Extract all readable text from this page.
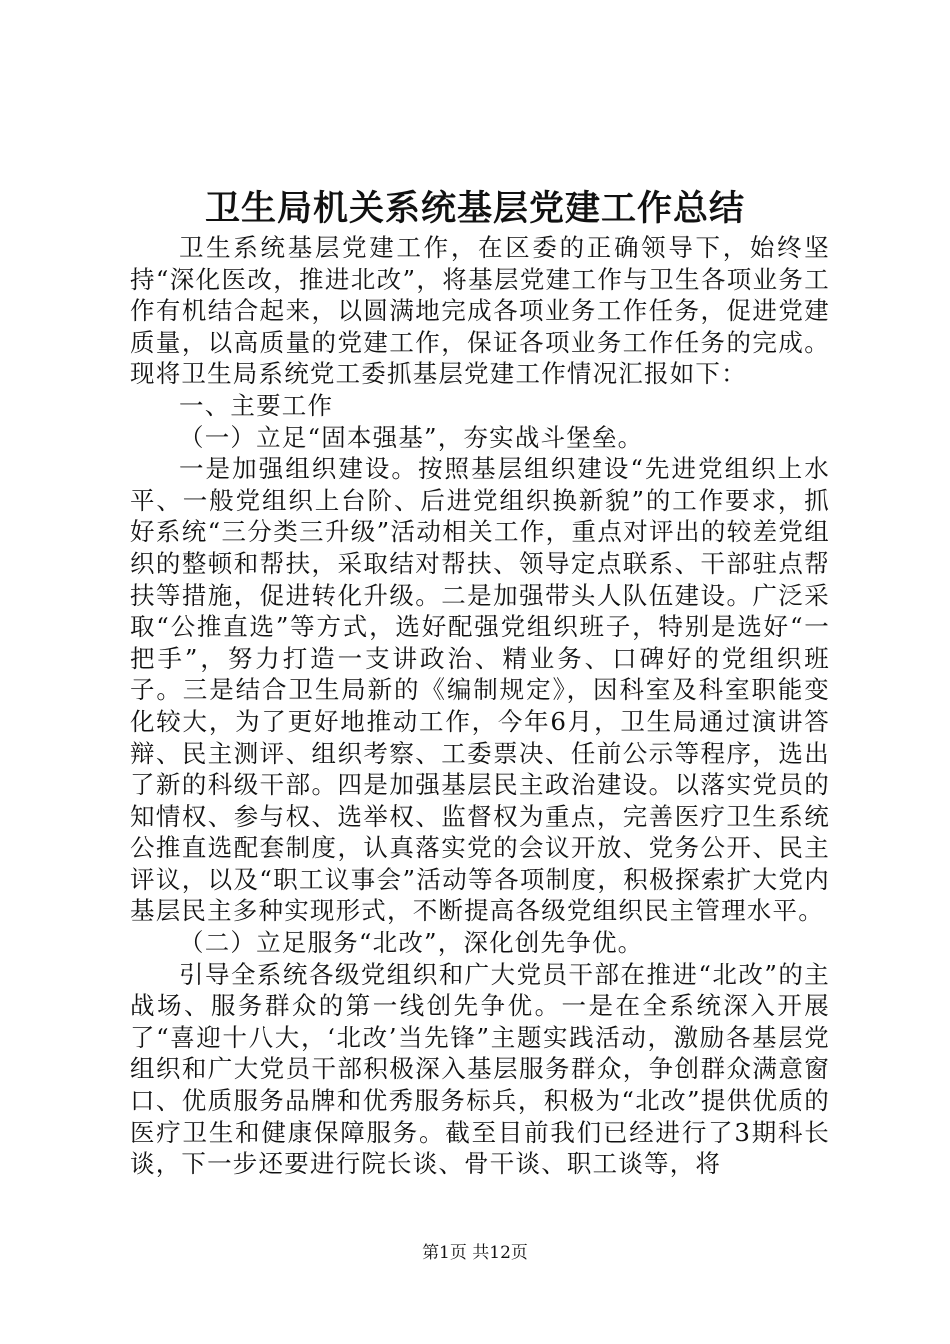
卫生局机关系统基层党建工作总结

卫生系统基层党建工作，在区委的正确领导下，始终坚持“深化医改，推进北改”，将基层党建工作与卫生各项业务工作有机结合起来，以圆满地完成各项业务工作任务，促进党建质量，以高质量的党建工作，保证各项业务工作任务的完成。现将卫生局系统党工委抓基层党建工作情况汇报如下：

一、主要工作

（一）立足“固本强基”，夯实战斗堡垒。

一是加强组织建设。按照基层组织建设“先进党组织上水平、一般党组织上台阶、后进党组织换新貌”的工作要求，抓好系统“三分类三升级”活动相关工作，重点对评出的较差党组织的整顿和帮扶，采取结对帮扶、领导定点联系、干部驻点帮扶等措施，促进转化升级。二是加强带头人队伍建设。广泛采取“公推直选”等方式，选好配强党组织班子，特别是选好“一把手”，努力打造一支讲政治、精业务、口碑好的党组织班子。三是结合卫生局新的《编制规定》，因科室及科室职能变化较大，为了更好地推动工作，今年6月，卫生局通过演讲答辩、民主测评、组织考察、工委票决、任前公示等程序，选出了新的科级干部。四是加强基层民主政治建设。以落实党员的知情权、参与权、选举权、监督权为重点，完善医疗卫生系统公推直选配套制度，认真落实党的会议开放、党务公开、民主评议，以及“职工议事会”活动等各项制度，积极探索扩大党内基层民主多种实现形式，不断提高各级党组织民主管理水平。

（二）立足服务“北改”，深化创先争优。

引导全系统各级党组织和广大党员干部在推进“北改”的主战场、服务群众的第一线创先争优。一是在全系统深入开展了“喜迎十八大，‘北改’当先锋”主题实践活动，激励各基层党组织和广大党员干部积极深入基层服务群众，争创群众满意窗口、优质服务品牌和优秀服务标兵，积极为“北改”提供优质的医疗卫生和健康保障服务。截至目前我们已经进行了3期科长谈，下一步还要进行院长谈、骨干谈、职工谈等，将

第1页 共12页
